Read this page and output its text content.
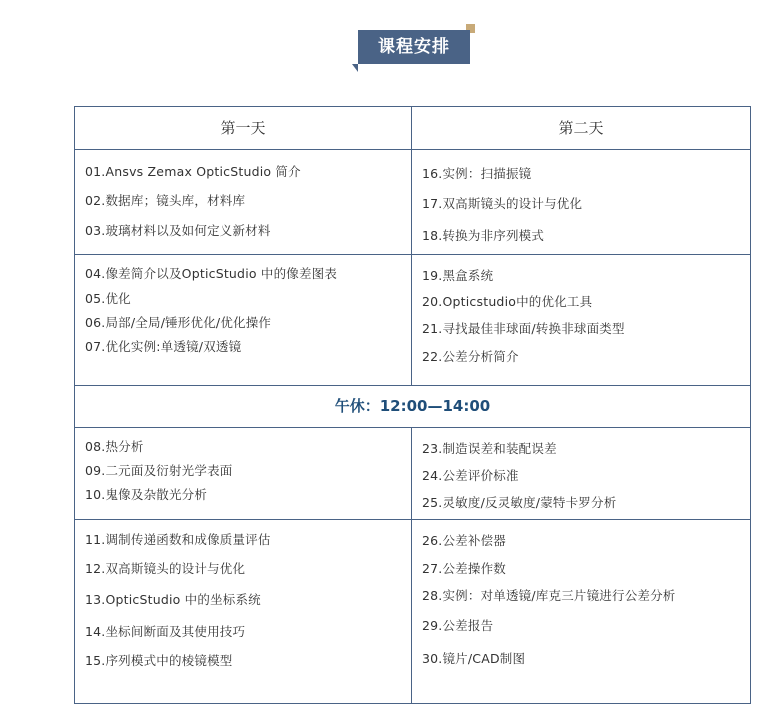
课程安排
第一天	第二天
01.Ansvs Zemax OpticStudio 简介
02.数据库；镜头库，材料库
03.玻璃材料以及如何定义新材料
16.实例：扫描振镜
17.双高斯镜头的设计与优化
18.转换为非序列模式
04.像差简介以及OpticStudio 中的像差图表
05.优化
06.局部/全局/锤形优化/优化操作
07.优化实例:单透镜/双透镜
19.黑盒系统
20.Opticstudio中的优化工具
21.寻找最佳非球面/转换非球面类型
22.公差分析简介
午休：12:00—14:00
08.热分析
09.二元面及衍射光学表面
10.鬼像及杂散光分析
23.制造误差和装配误差
24.公差评价标准
25.灵敏度/反灵敏度/蒙特卡罗分析
11.调制传递函数和成像质量评估
12.双高斯镜头的设计与优化
13.OpticStudio 中的坐标系统
14.坐标间断面及其使用技巧
15.序列模式中的棱镜模型
26.公差补偿器
27.公差操作数
28.实例：对单透镜/库克三片镜进行公差分析
29.公差报告
30.镜片/CAD制图
